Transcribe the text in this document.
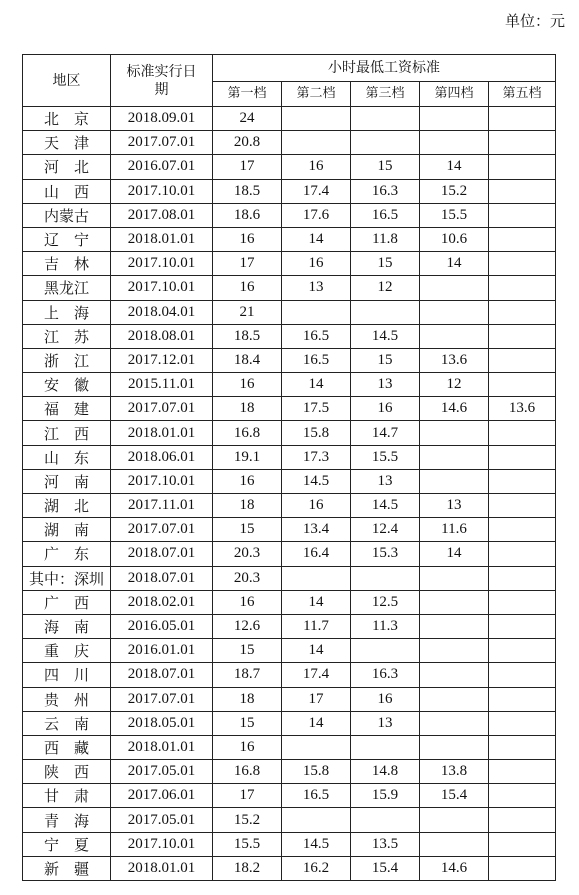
单位：元
地区	标准实行日期	小时最低工资标准				
		第一档	第二档	第三档	第四档	第五档
北　京	2018.09.01	24				
天　津	2017.07.01	20.8				
河　北	2016.07.01	17	16	15	14	
山　西	2017.10.01	18.5	17.4	16.3	15.2	
内蒙古	2017.08.01	18.6	17.6	16.5	15.5	
辽　宁	2018.01.01	16	14	11.8	10.6	
吉　林	2017.10.01	17	16	15	14	
黑龙江	2017.10.01	16	13	12		
上　海	2018.04.01	21				
江　苏	2018.08.01	18.5	16.5	14.5		
浙　江	2017.12.01	18.4	16.5	15	13.6	
安　徽	2015.11.01	16	14	13	12	
福　建	2017.07.01	18	17.5	16	14.6	13.6
江　西	2018.01.01	16.8	15.8	14.7		
山　东	2018.06.01	19.1	17.3	15.5		
河　南	2017.10.01	16	14.5	13		
湖　北	2017.11.01	18	16	14.5	13	
湖　南	2017.07.01	15	13.4	12.4	11.6	
广　东	2018.07.01	20.3	16.4	15.3	14	
其中：深圳	2018.07.01	20.3				
广　西	2018.02.01	16	14	12.5		
海　南	2016.05.01	12.6	11.7	11.3		
重　庆	2016.01.01	15	14			
四　川	2018.07.01	18.7	17.4	16.3		
贵　州	2017.07.01	18	17	16		
云　南	2018.05.01	15	14	13		
西　藏	2018.01.01	16				
陕　西	2017.05.01	16.8	15.8	14.8	13.8	
甘　肃	2017.06.01	17	16.5	15.9	15.4	
青　海	2017.05.01	15.2				
宁　夏	2017.10.01	15.5	14.5	13.5		
新　疆	2018.01.01	18.2	16.2	15.4	14.6	
